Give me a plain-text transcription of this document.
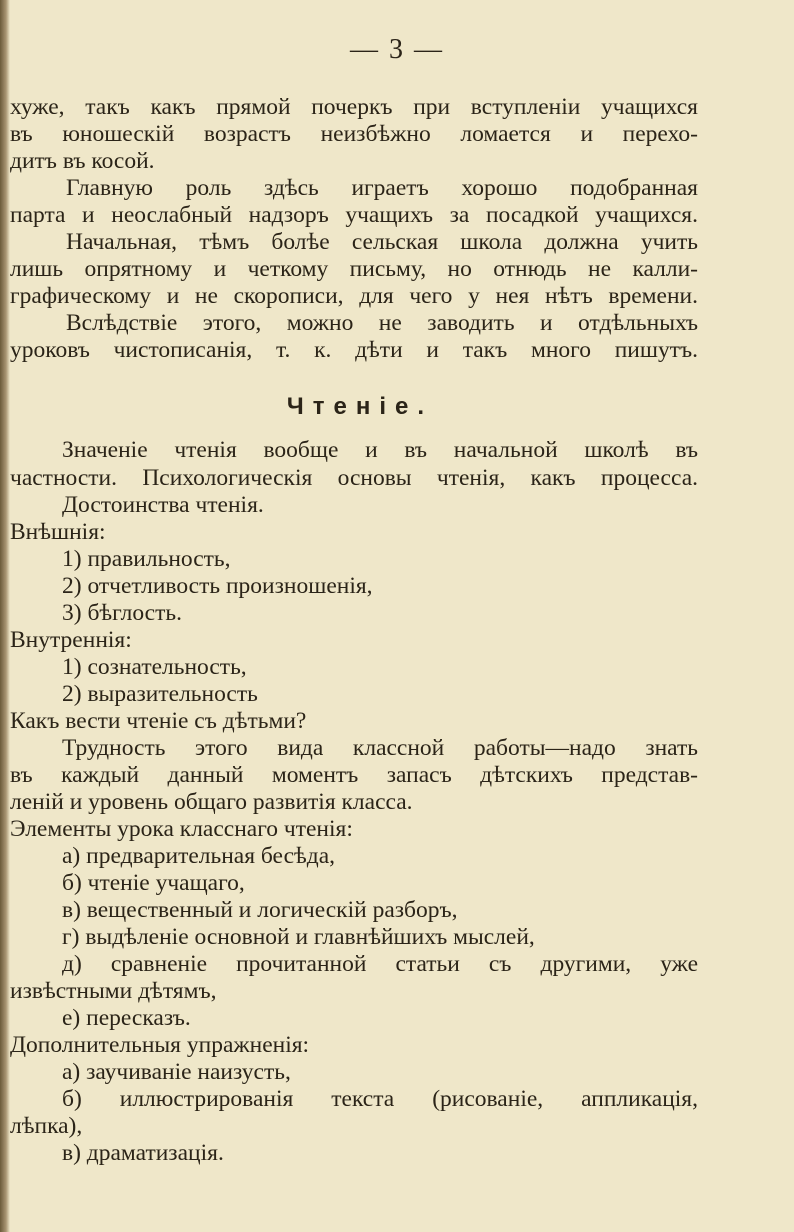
— 3 —
хуже, такъ какъ прямой почеркъ при вступленіи учащихся
въ юношескій возрастъ неизбѣжно ломается и перехо-
дитъ въ косой.
Главную роль здѣсь играетъ хорошо подобранная
парта и неослабный надзоръ учащихъ за посадкой учащихся.
Начальная, тѣмъ болѣе сельская школа должна учить
лишь опрятному и четкому письму, но отнюдь не калли-
графическому и не скорописи, для чего у нея нѣтъ времени.
Вслѣдствіе этого, можно не заводить и отдѣльныхъ
уроковъ чистописанія, т. к. дѣти и такъ много пишутъ.
Чтеніе.
Значеніе чтенія вообще и въ начальной школѣ въ
частности. Психологическія основы чтенія, какъ процесса.
Достоинства чтенія.
Внѣшнія:
1) правильность,
2) отчетливость произношенія,
3) бѣглость.
Внутреннія:
1) сознательность,
2) выразительность
Какъ вести чтеніе съ дѣтьми?
Трудность этого вида классной работы—надо знать
въ каждый данный моментъ запасъ дѣтскихъ представ-
леній и уровень общаго развитія класса.
Элементы урока класснаго чтенія:
а) предварительная бесѣда,
б) чтеніе учащаго,
в) вещественный и логическій разборъ,
г) выдѣленіе основной и главнѣйшихъ мыслей,
д) сравненіе прочитанной статьи съ другими, уже
извѣстными дѣтямъ,
е) пересказъ.
Дополнительныя упражненія:
а) заучиваніе наизусть,
б) иллюстрированія текста (рисованіе, аппликація,
лѣпка),
в) драматизація.
